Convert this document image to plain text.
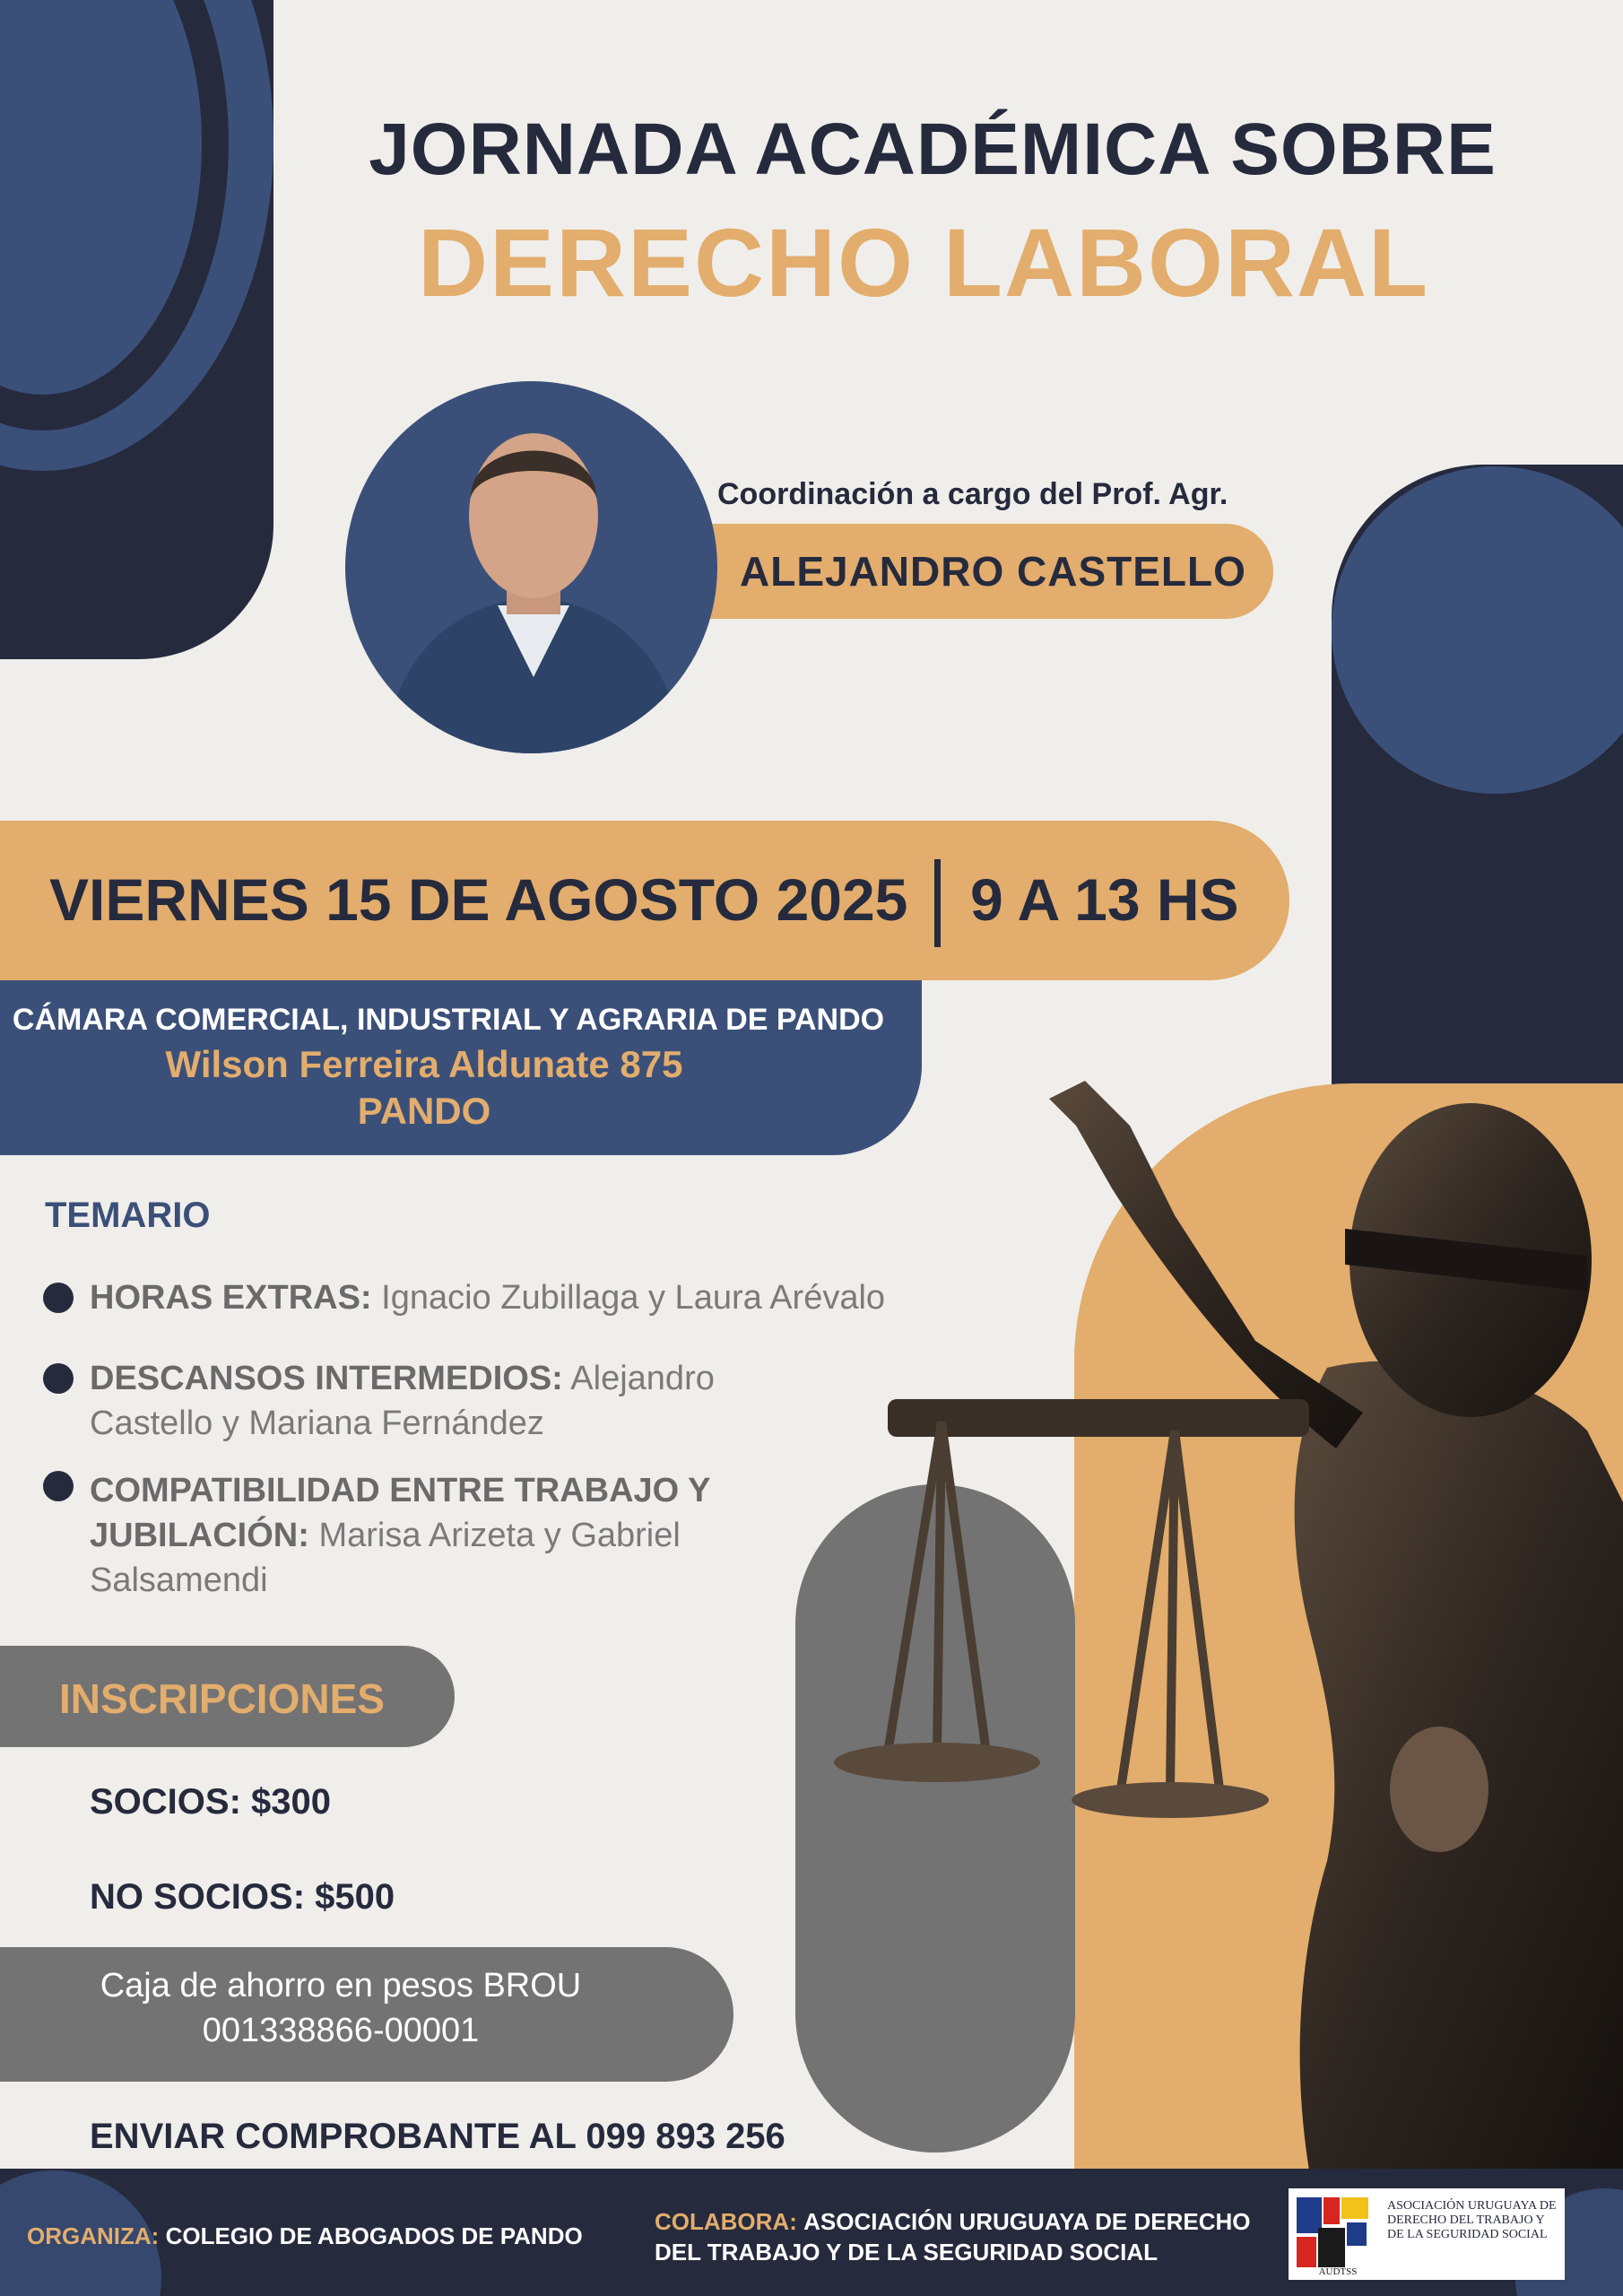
JORNADA ACADÉMICA SOBRE
DERECHO LABORAL
Coordinación a cargo del Prof. Agr.
ALEJANDRO CASTELLO
VIERNES 15 DE AGOSTO 2025 9 A 13 HS
CÁMARA COMERCIAL, INDUSTRIAL Y AGRARIA DE PANDO
Wilson Ferreira Aldunate 875
PANDO
TEMARIO
HORAS EXTRAS: Ignacio Zubillaga y Laura Arévalo
DESCANSOS INTERMEDIOS: Alejandro Castello y Mariana Fernández
COMPATIBILIDAD ENTRE TRABAJO Y JUBILACIÓN: Marisa Arizeta y Gabriel Salsamendi
INSCRIPCIONES
SOCIOS: $300
NO SOCIOS: $500
Caja de ahorro en pesos BROU
001338866-00001
ENVIAR COMPROBANTE AL 099 893 256
ORGANIZA: COLEGIO DE ABOGADOS DE PANDO
COLABORA: ASOCIACIÓN URUGUAYA DE DERECHO
DEL TRABAJO Y DE LA SEGURIDAD SOCIAL
AUDTSS
ASOCIACIÓN URUGUAYA DE DERECHO DEL TRABAJO Y DE LA SEGURIDAD SOCIAL
